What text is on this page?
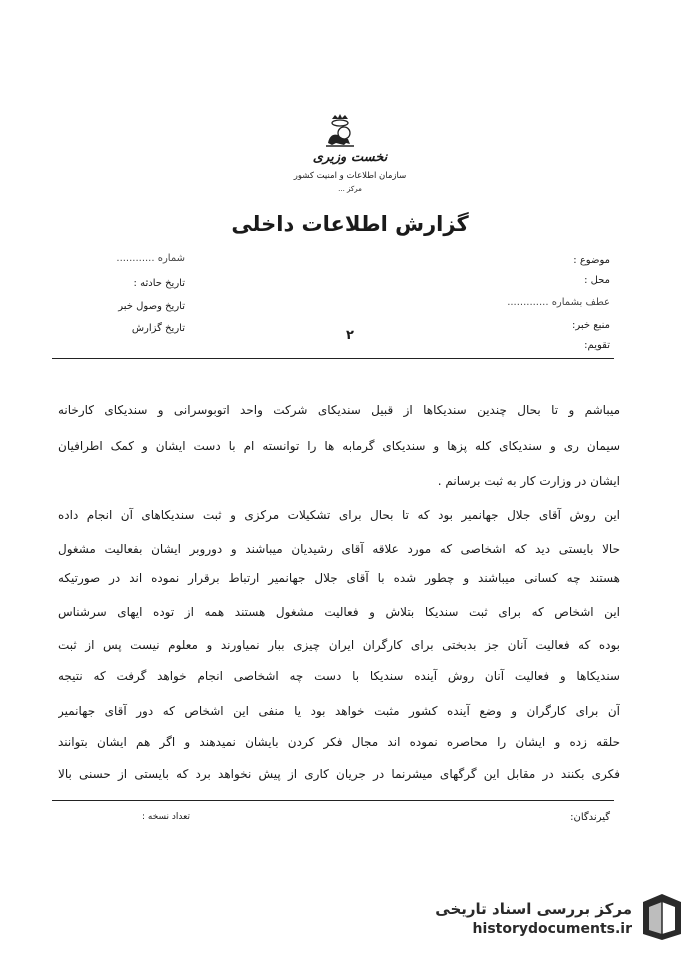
نخست وزیری
سازمان اطلاعات و امنیت کشور
مرکز ...
گزارش اطلاعات داخلی
موضوع :
محل :
عطف بشماره .............
منبع خبر:
تقویم:
شماره ............
تاریخ حادثه :
تاریخ وصول خبر
تاریخ گزارش	۲
میباشم و تا بحال چندین سندیکاها از قبیل سندیکای شرکت واحد اتوبوسرانی و سندیکای کارخانه
سیمان ری و سندیکای کله پزها و سندیکای گرمابه ها را توانسته ام با دست ایشان و کمک اطرافیان
ایشان در وزارت کار به ثبت برسانم .
این روش آقای جلال جهانمیر بود که تا بحال برای تشکیلات مرکزی و ثبت سندیکاهای آن انجام داده
حالا بایستی دید که اشخاصی که مورد علاقه آقای رشیدیان میباشند و دوروبر ایشان بفعالیت مشغول
هستند چه کسانی میباشند و چطور شده با آقای جلال جهانمیر ارتباط برقرار نموده اند در صورتیکه
این اشخاص که برای ثبت سندیکا بتلاش و فعالیت مشغول هستند همه از توده ایهای سرشناس
بوده که فعالیت آنان جز بدبختی برای کارگران ایران چیزی ببار نمیاورند و معلوم نیست پس از ثبت
سندیکاها و فعالیت آنان روش آینده سندیکا با دست چه اشخاصی انجام خواهد گرفت که نتیجه
آن برای کارگران و وضع آینده کشور مثبت خواهد بود یا منفی این اشخاص که دور آقای جهانمیر
حلقه زده و ایشان را محاصره نموده اند مجال فکر کردن بایشان نمیدهند و اگر هم ایشان بتوانند
فکری بکنند در مقابل این گرگهای میشرنما در جریان کاری از پیش نخواهد برد که بایستی از حسنی بالا
گیرندگان:
تعداد نسخه :
مرکز بررسی اسناد تاریخی
historydocuments.ir
